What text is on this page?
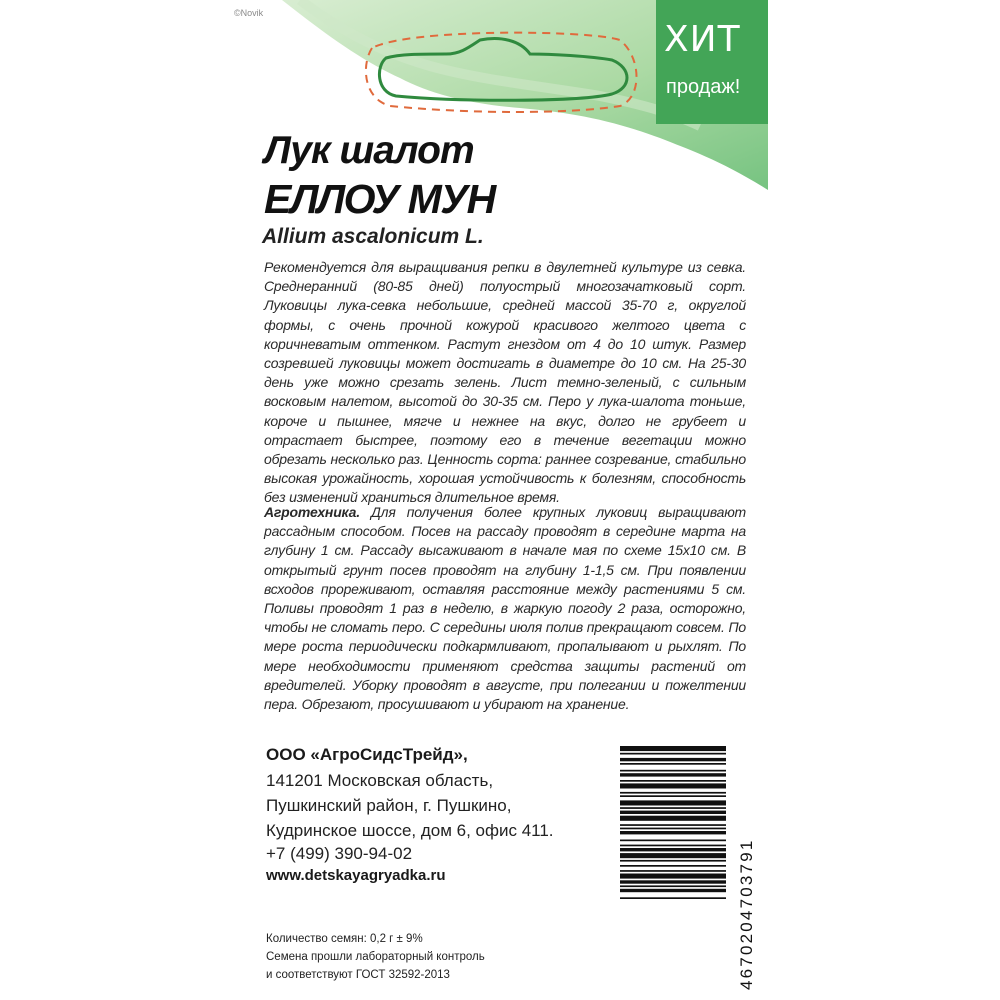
©Novik
ХИТ
продаж!
Лук шалот
ЕЛЛОУ МУН
Allium ascalonicum L.
Рекомендуется для выращивания репки в двулетней культуре из севка. Среднеранний (80-85 дней) полуострый многозачатковый сорт. Луковицы лука-севка небольшие, средней массой 35-70 г, округлой формы, с очень прочной кожурой красивого желтого цвета с коричневатым оттенком. Растут гнездом от 4 до 10 штук. Размер созревшей луковицы может достигать в диаметре до 10 см. На 25-30 день уже можно срезать зелень. Лист темно-зеленый, с сильным восковым налетом, высотой до 30-35 см. Перо у лука-шалота тоньше, короче и пышнее, мягче и нежнее на вкус, долго не грубеет и отрастает быстрее, поэтому его в течение вегетации можно обрезать несколько раз. Ценность сорта: раннее созревание, стабильно высокая урожайность, хорошая устойчивость к болезням, способность без изменений храниться длительное время.
Агротехника. Для получения более крупных луковиц выращивают рассадным способом. Посев на рассаду проводят в середине марта на глубину 1 см. Рассаду высаживают в начале мая по схеме 15х10 см. В открытый грунт посев проводят на глубину 1-1,5 см. При появлении всходов прореживают, оставляя расстояние между растениями 5 см. Поливы проводят 1 раз в неделю, в жаркую погоду 2 раза, осторожно, чтобы не сломать перо. С середины июля полив прекращают совсем. По мере роста периодически подкармливают, пропалывают и рыхлят. По мере необходимости применяют средства защиты растений от вредителей. Уборку проводят в августе, при полегании и пожелтении пера. Обрезают, просушивают и убирают на хранение.
ООО «АгроСидсТрейд»,
141201 Московская область,
Пушкинский район, г. Пушкино,
Кудринское шоссе, дом 6, офис 411.
+7 (499) 390-94-02
www.detskayagryadka.ru
Количество семян: 0,2 г ± 9%
Семена прошли лабораторный контроль
и соответствуют ГОСТ 32592-2013	4670204703791
